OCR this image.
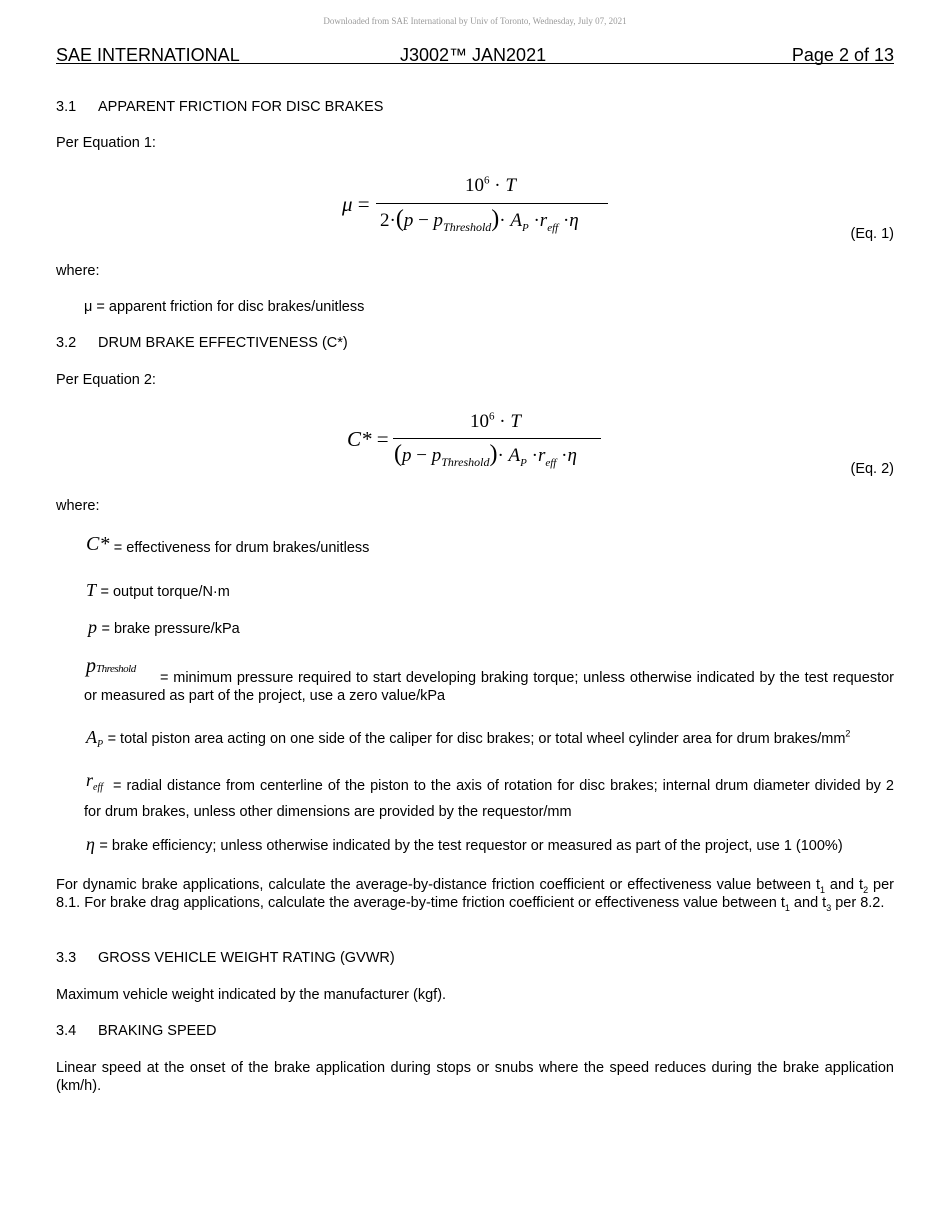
Downloaded from SAE International by Univ of Toronto, Wednesday, July 07, 2021
SAE INTERNATIONAL	J3002™ JAN2021	Page 2 of 13
3.1 APPARENT FRICTION FOR DISC BRAKES
Per Equation 1:
μ =
$10^6 \cdot T$
$2\cdot(p - p_{Threshold})\cdot A_P \cdot r_{eff} \cdot\eta$
(Eq. 1)
where:
μ = apparent friction for disc brakes/unitless
3.2 DRUM BRAKE EFFECTIVENESS (C*)
Per Equation 2:
C* =
$10^6 \cdot T$
$(p - p_{Threshold})\cdot A_P \cdot r_{eff} \cdot\eta$
(Eq. 2)
where:
C* = effectiveness for drum brakes/unitless
T = output torque/N·m
p = brake pressure/kPa
pThreshold
= minimum pressure required to start developing braking torque; unless otherwise indicated by the test requestor or measured as part of the project, use a zero value/kPa
$A_P$ = total piston area acting on one side of the caliper for disc brakes; or total wheel cylinder area for drum brakes/$mm^2$
$r_{eff}$ = radial distance from centerline of the piston to the axis of rotation for disc brakes; internal drum diameter divided by 2 for drum brakes, unless other dimensions are provided by the requestor/mm
η = brake efficiency; unless otherwise indicated by the test requestor or measured as part of the project, use 1 (100%)
For dynamic brake applications, calculate the average-by-distance friction coefficient or effectiveness value between $t_1$ and $t_2$ per 8.1. For brake drag applications, calculate the average-by-time friction coefficient or effectiveness value between $t_1$ and $t_3$ per 8.2.
3.3 GROSS VEHICLE WEIGHT RATING (GVWR)
Maximum vehicle weight indicated by the manufacturer (kgf).
3.4 BRAKING SPEED
Linear speed at the onset of the brake application during stops or snubs where the speed reduces during the brake application (km/h).
